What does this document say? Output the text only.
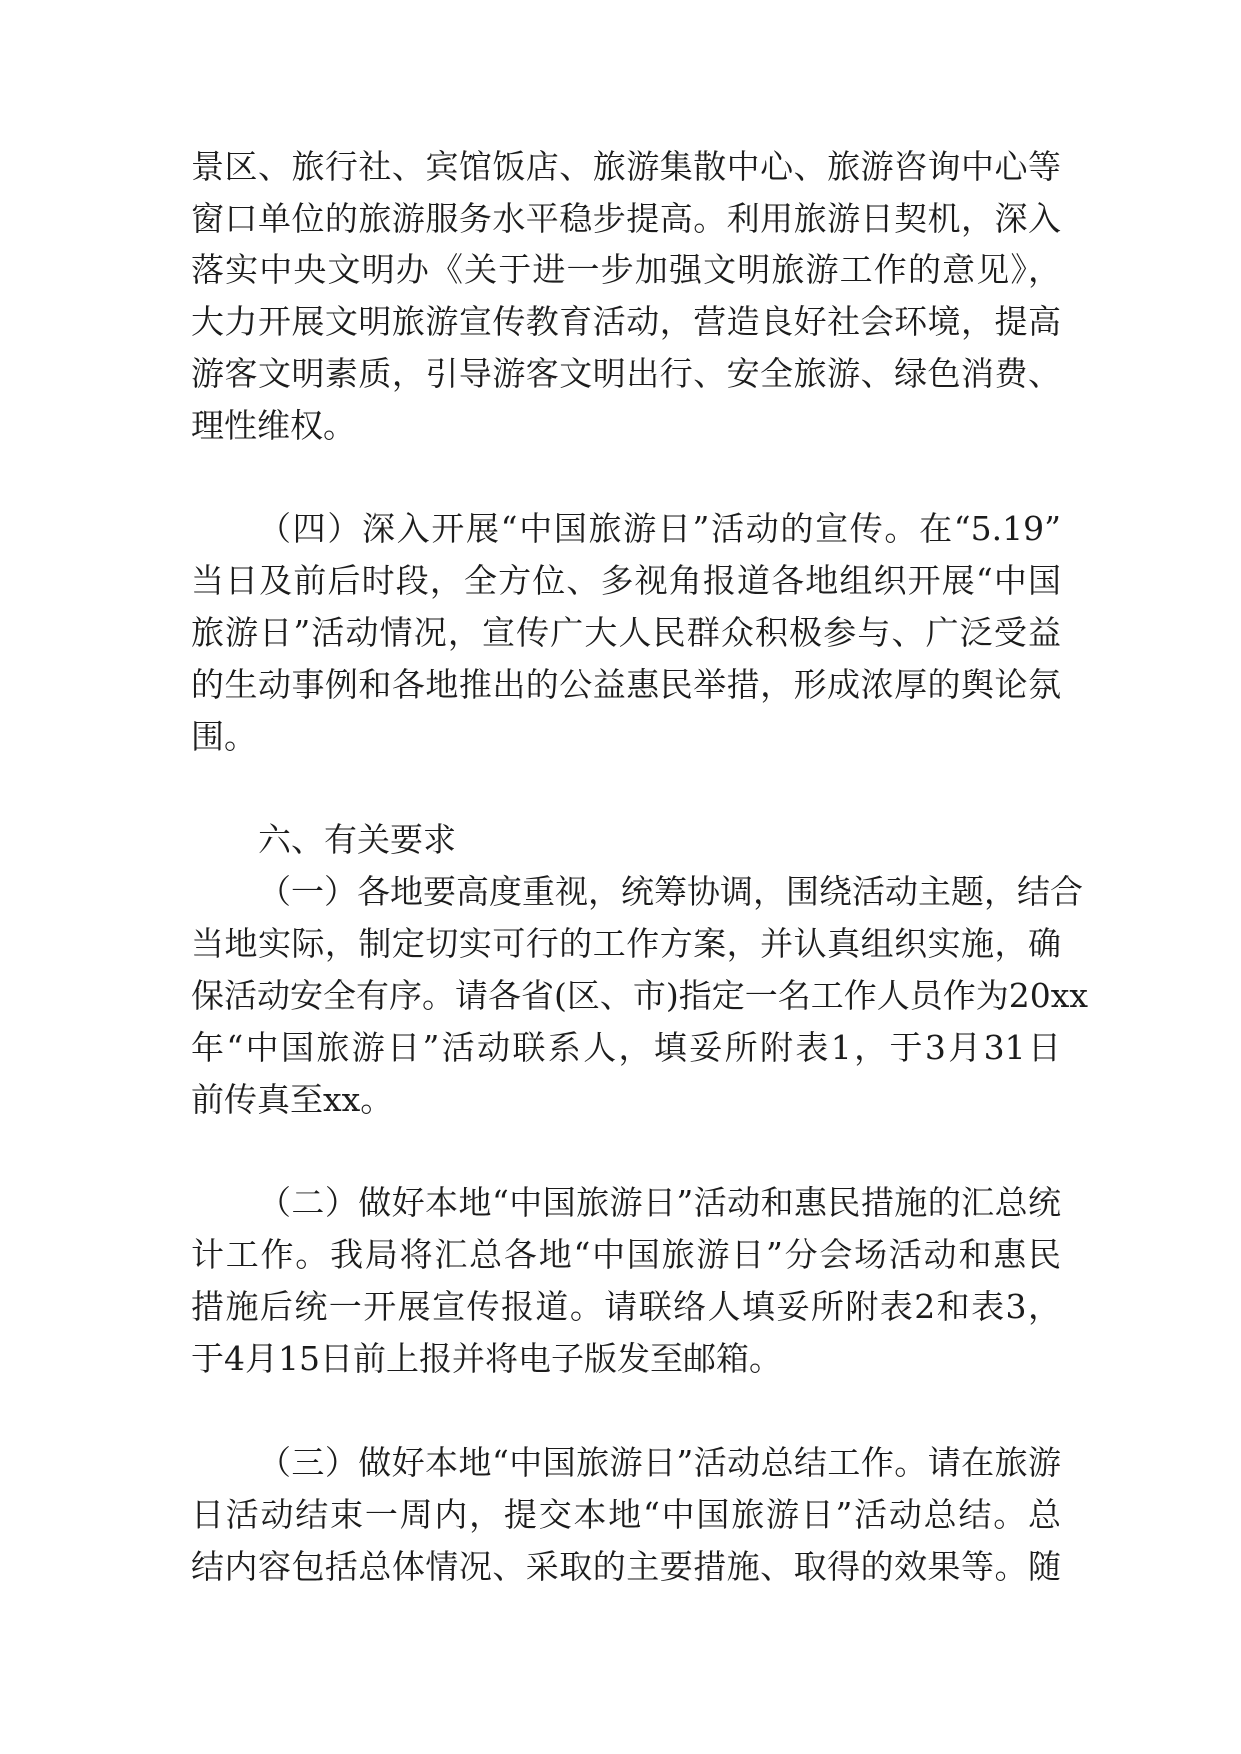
景区、旅行社、宾馆饭店、旅游集散中心、旅游咨询中心等
窗口单位的旅游服务水平稳步提高。利用旅游日契机，深入
落实中央文明办《关于进一步加强文明旅游工作的意见》，
大力开展文明旅游宣传教育活动，营造良好社会环境，提高
游客文明素质，引导游客文明出行、安全旅游、绿色消费、
理性维权。
（四）深入开展“中国旅游日”活动的宣传。在“5.19”
当日及前后时段，全方位、多视角报道各地组织开展“中国
旅游日”活动情况，宣传广大人民群众积极参与、广泛受益
的生动事例和各地推出的公益惠民举措，形成浓厚的舆论氛
围。
六、有关要求
（一）各地要高度重视，统筹协调，围绕活动主题，结合
当地实际，制定切实可行的工作方案，并认真组织实施，确
保活动安全有序。请各省(区、市)指定一名工作人员作为20xx
年“中国旅游日”活动联系人，填妥所附表1，于3月31日
前传真至xx。
（二）做好本地“中国旅游日”活动和惠民措施的汇总统
计工作。我局将汇总各地“中国旅游日”分会场活动和惠民
措施后统一开展宣传报道。请联络人填妥所附表2和表3，
于4月15日前上报并将电子版发至邮箱。
（三）做好本地“中国旅游日”活动总结工作。请在旅游
日活动结束一周内，提交本地“中国旅游日”活动总结。总
结内容包括总体情况、采取的主要措施、取得的效果等。随
